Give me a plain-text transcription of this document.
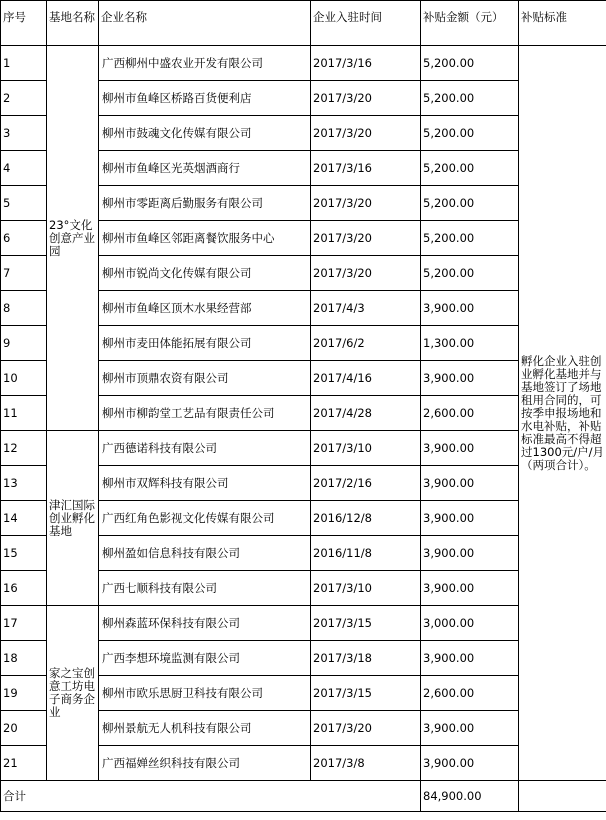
序号	基地名称	企业名称	企业入驻时间	补贴金额（元）	补贴标准
1	23°文化创意产业园	广西柳州中盛农业开发有限公司	2017/3/16	5,200.00	孵化企业入驻创业孵化基地并与基地签订了场地租用合同的，可按季申报场地和水电补贴，补贴标准最高不得超过1300元/户/月（两项合计）。
2		柳州市鱼峰区桥路百货便利店	2017/3/20	5,200.00	
3		柳州市鼓魂文化传媒有限公司	2017/3/20	5,200.00	
4		柳州市鱼峰区光英烟酒商行	2017/3/16	5,200.00	
5		柳州市零距离后勤服务有限公司	2017/3/20	5,200.00	
6		柳州市鱼峰区邻距离餐饮服务中心	2017/3/20	5,200.00	
7		柳州市锐尚文化传媒有限公司	2017/3/20	5,200.00	
8		柳州市鱼峰区顶木水果经营部	2017/4/3	3,900.00	
9		柳州市麦田体能拓展有限公司	2017/6/2	1,300.00	
10		柳州市顶鼎农资有限公司	2017/4/16	3,900.00	
11		柳州市柳韵堂工艺品有限责任公司	2017/4/28	2,600.00	
12	津汇国际创业孵化基地	广西德诺科技有限公司	2017/3/10	3,900.00	
13		柳州市双辉科技有限公司	2017/2/16	3,900.00	
14		广西红角色影视文化传媒有限公司	2016/12/8	3,900.00	
15		柳州盈如信息科技有限公司	2016/11/8	3,900.00	
16		广西七顺科技有限公司	2017/3/10	3,900.00	
17	家之宝创意工坊电子商务企业	柳州森蓝环保科技有限公司	2017/3/15	3,000.00	
18		广西李想环境监测有限公司	2017/3/18	3,900.00	
19		柳州市欧乐思厨卫科技有限公司	2017/3/15	2,600.00	
20		柳州景航无人机科技有限公司	2017/3/20	3,900.00	
21		广西福婵丝织科技有限公司	2017/3/8	3,900.00	
合计				84,900.00	
